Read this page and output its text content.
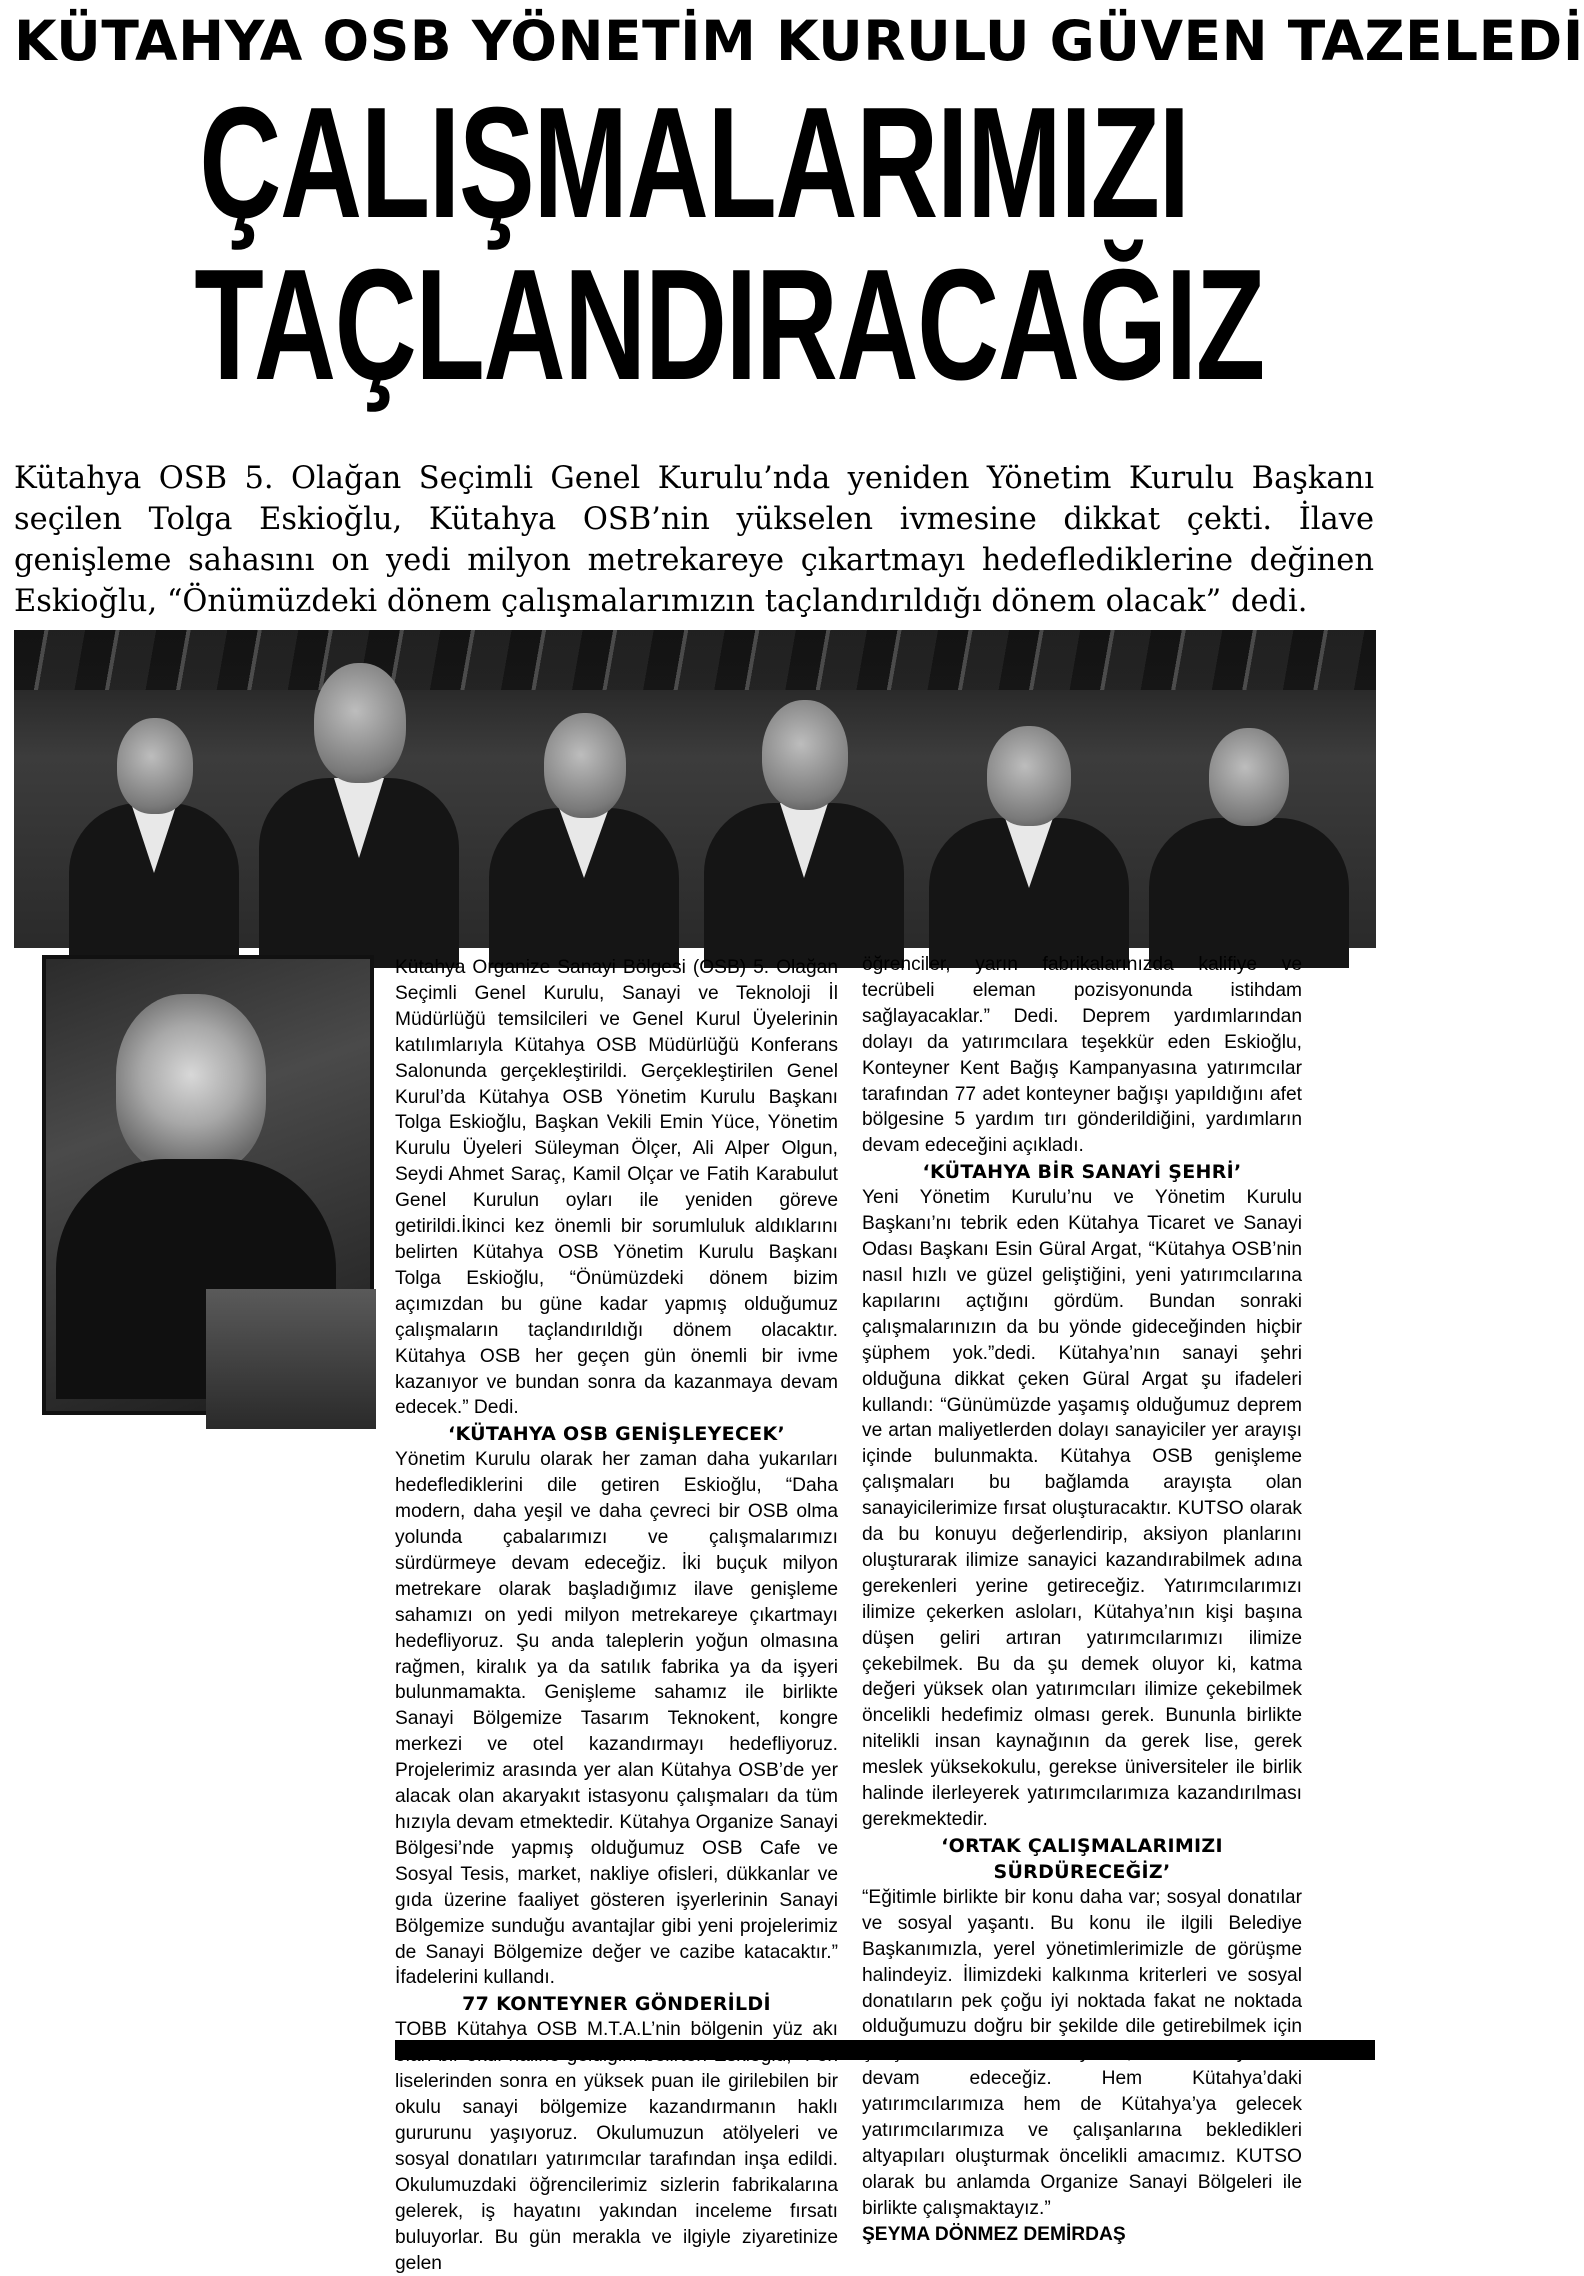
KÜTAHYA OSB YÖNETİM KURULU GÜVEN TAZELEDİ
ÇALIŞMALARIMIZI
TAÇLANDIRACAĞIZ
Kütahya OSB 5. Olağan Seçimli Genel Kurulu’nda yeniden Yönetim Kurulu Başkanı seçilen Tolga Eskioğlu, Kütahya OSB’nin yükselen ivmesine dikkat çekti. İlave genişleme sahasını on yedi milyon metrekareye çıkartmayı hedeflediklerine değinen Eskioğlu, “Önümüzdeki dönem çalışmalarımızın taçlandırıldığı dönem olacak” dedi.

Kütahya Organize Sanayi Bölgesi (OSB) 5. Olağan Seçimli Genel Kurulu, Sanayi ve Teknoloji İl Müdürlüğü temsilcileri ve Genel Kurul Üyelerinin katılımlarıyla Kütahya OSB Müdürlüğü Konferans Salonunda gerçekleştirildi. Gerçekleştirilen Genel Kurul’da Kütahya OSB Yönetim Kurulu Başkanı Tolga Eskioğlu, Başkan Vekili Emin Yüce, Yönetim Kurulu Üyeleri Süleyman Ölçer, Ali Alper Olgun, Seydi Ahmet Saraç, Kamil Olçar ve Fatih Karabulut Genel Kurulun oyları ile yeniden göreve getirildi.İkinci kez önemli bir sorumluluk aldıklarını belirten Kütahya OSB Yönetim Kurulu Başkanı Tolga Eskioğlu, “Önümüzdeki dönem bizim açımızdan bu güne kadar yapmış olduğumuz çalışmaların taçlandırıldığı dönem olacaktır. Kütahya OSB her geçen gün önemli bir ivme kazanıyor ve bundan sonra da kazanmaya devam edecek.” Dedi.

‘KÜTAHYA OSB GENİŞLEYECEK’

Yönetim Kurulu olarak her zaman daha yukarıları hedeflediklerini dile getiren Eskioğlu, “Daha modern, daha yeşil ve daha çevreci bir OSB olma yolunda çabalarımızı ve çalışmalarımızı sürdürmeye devam edeceğiz. İki buçuk milyon metrekare olarak başladığımız ilave genişleme sahamızı on yedi milyon metrekareye çıkartmayı hedefliyoruz. Şu anda taleplerin yoğun olmasına rağmen, kiralık ya da satılık fabrika ya da işyeri bulunmamakta. Genişleme sahamız ile birlikte Sanayi Bölgemize Tasarım Teknokent, kongre merkezi ve otel kazandırmayı hedefliyoruz. Projelerimiz arasında yer alan Kütahya OSB’de yer alacak olan akaryakıt istasyonu çalışmaları da tüm hızıyla devam etmektedir. Kütahya Organize Sanayi Bölgesi’nde yapmış olduğumuz OSB Cafe ve Sosyal Tesis, market, nakliye ofisleri, dükkanlar ve gıda üzerine faaliyet gösteren işyerlerinin Sanayi Bölgemize sunduğu avantajlar gibi yeni projelerimiz de Sanayi Bölgemize değer ve cazibe katacaktır.” İfadelerini kullandı.

77 KONTEYNER GÖNDERİLDİ

TOBB Kütahya OSB M.T.A.L’nin bölgenin yüz akı liselerinden sonra en yüksek puan ile girilebilen bir okulu sanayi bölgemize kazandırmanın haklı gururunu yaşıyoruz. Okulumuzun atölyeleri ve sosyal donatıları yatırımcılar tarafından inşa edildi. Okulumuzdaki öğrencilerimiz sizlerin fabrikalarına gelerek, iş hayatını yakından inceleme fırsatı buluyorlar. Bu gün merakla ve ilgiyle ziyaretinize gelen

öğrenciler, yarın fabrikalarınızda kalifiye ve tecrübeli eleman pozisyonunda istihdam sağlayacaklar.” Dedi. Deprem yardımlarından dolayı da yatırımcılara teşekkür eden Eskioğlu, Konteyner Kent Bağış Kampanyasına yatırımcılar tarafından 77 adet konteyner bağışı yapıldığını afet bölgesine 5 yardım tırı gönderildiğini, yardımların devam edeceğini açıkladı.

‘KÜTAHYA BİR SANAYİ ŞEHRİ’

Yeni Yönetim Kurulu’nu ve Yönetim Kurulu Başkanı’nı tebrik eden Kütahya Ticaret ve Sanayi Odası Başkanı Esin Güral Argat, “Kütahya OSB’nin nasıl hızlı ve güzel geliştiğini, yeni yatırımcılarına kapılarını açtığını gördüm. Bundan sonraki çalışmalarınızın da bu yönde gideceğinden hiçbir şüphem yok.”dedi. Kütahya’nın sanayi şehri olduğuna dikkat çeken Güral Argat şu ifadeleri kullandı: “Günümüzde yaşamış olduğumuz deprem ve artan maliyetlerden dolayı sanayiciler yer arayışı içinde bulunmakta. Kütahya OSB genişleme çalışmaları bu bağlamda arayışta olan sanayicilerimize fırsat oluşturacaktır. KUTSO olarak da bu konuyu değerlendirip, aksiyon planlarını oluşturarak ilimize sanayici kazandırabilmek adına gerekenleri yerine getireceğiz. Yatırımcılarımızı ilimize çekerken asloları, Kütahya’nın kişi başına düşen geliri artıran yatırımcılarımızı ilimize çekebilmek. Bu da şu demek oluyor ki, katma değeri yüksek olan yatırımcıları ilimize çekebilmek öncelikli hedefimiz olması gerek. Bununla birlikte nitelikli insan kaynağının da gerek lise, gerek meslek yüksekokulu, gerekse üniversiteler ile birlik halinde ilerleyerek yatırımcılarımıza kazandırılması gerekmektedir.

‘ORTAK ÇALIŞMALARIMIZI

SÜRDÜRECEĞİZ’

“Eğitimle birlikte bir konu daha var; sosyal donatılar ve sosyal yaşantı. Bu konu ile ilgili Belediye Başkanımızla, yerel yönetimlerimizle de görüşme halindeyiz. İlimizdeki kalkınma kriterleri ve sosyal donatıların pek çoğu iyi noktada fakat ne noktada olduğumuzu doğru bir şekilde dile getirebilmek için devam edeceğiz. Hem Kütahya’daki yatırımcılarımıza hem de Kütahya’ya gelecek yatırımcılarımıza ve çalışanlarına bekledikleri altyapıları oluşturmak öncelikli amacımız. KUTSO olarak bu anlamda Organize Sanayi Bölgeleri ile birlikte çalışmaktayız.”

ŞEYMA DÖNMEZ DEMİRDAŞ
